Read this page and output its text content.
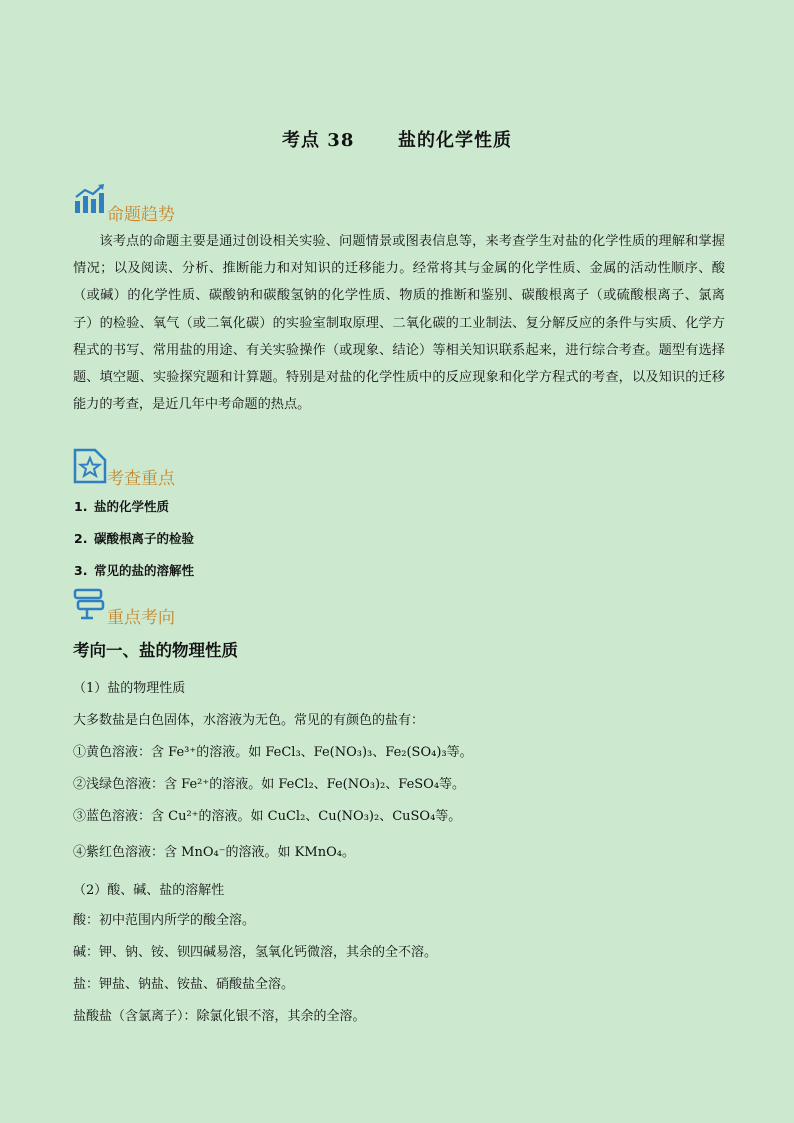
考点 38      盐的化学性质
命题趋势

该考点的命题主要是通过创设相关实验、问题情景或图表信息等，来考查学生对盐的化学性质的理解和掌握情况；以及阅读、分析、推断能力和对知识的迁移能力。经常将其与金属的化学性质、金属的活动性顺序、酸（或碱）的化学性质、碳酸钠和碳酸氢钠的化学性质、物质的推断和鉴别、碳酸根离子（或硫酸根离子、氯离子）的检验、氧气（或二氧化碳）的实验室制取原理、二氧化碳的工业制法、复分解反应的条件与实质、化学方程式的书写、常用盐的用途、有关实验操作（或现象、结论）等相关知识联系起来，进行综合考查。题型有选择题、填空题、实验探究题和计算题。特别是对盐的化学性质中的反应现象和化学方程式的考查，以及知识的迁移能力的考查，是近几年中考命题的热点。

考查重点
1. 盐的化学性质
2. 碳酸根离子的检验
3. 常见的盐的溶解性
重点考向
考向一、盐的物理性质
（1）盐的物理性质
大多数盐是白色固体，水溶液为无色。常见的有颜色的盐有：
①黄色溶液：含 Fe³⁺的溶液。如 FeCl₃、Fe(NO₃)₃、Fe₂(SO₄)₃等。
②浅绿色溶液：含 Fe²⁺的溶液。如 FeCl₂、Fe(NO₃)₂、FeSO₄等。
③蓝色溶液：含 Cu²⁺的溶液。如 CuCl₂、Cu(NO₃)₂、CuSO₄等。
④紫红色溶液：含 MnO₄⁻的溶液。如 KMnO₄。
（2）酸、碱、盐的溶解性
酸：初中范围内所学的酸全溶。
碱：钾、钠、铵、钡四碱易溶，氢氧化钙微溶，其余的全不溶。
盐：钾盐、钠盐、铵盐、硝酸盐全溶。
盐酸盐（含氯离子）：除氯化银不溶，其余的全溶。
